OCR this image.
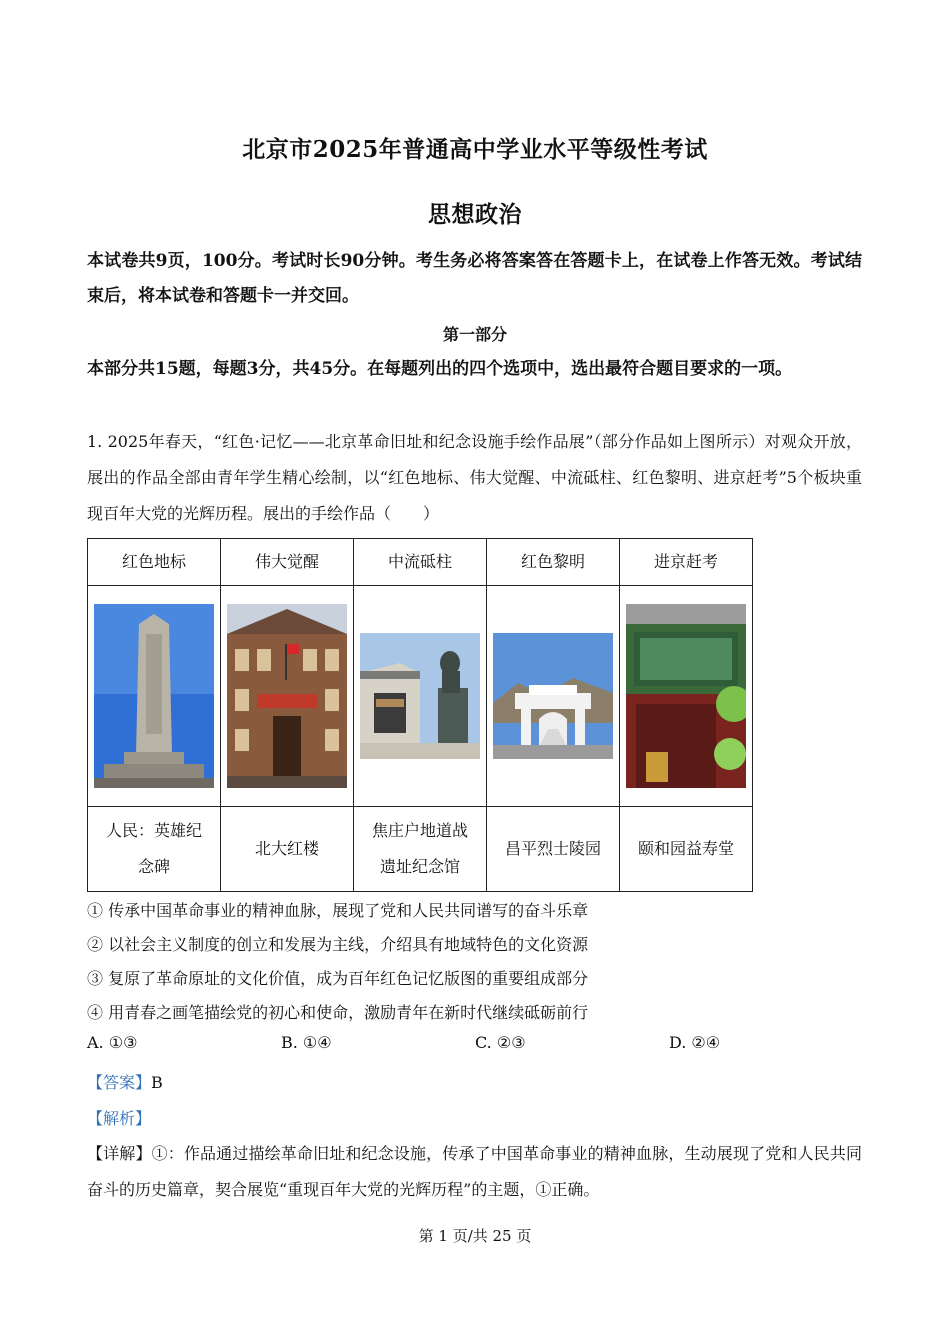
北京市2025年普通高中学业水平等级性考试
思想政治
本试卷共9页，100分。考试时长90分钟。考生务必将答案答在答题卡上，在试卷上作答无效。考试结束后，将本试卷和答题卡一并交回。
第一部分
本部分共15题，每题3分，共45分。在每题列出的四个选项中，选出最符合题目要求的一项。
1. 2025年春天，“红色·记忆——北京革命旧址和纪念设施手绘作品展”（部分作品如上图所示）对观众开放，展出的作品全部由青年学生精心绘制，以“红色地标、伟大觉醒、中流砥柱、红色黎明、进京赶考”5个板块重现百年大党的光辉历程。展出的手绘作品（　　）
红色地标	伟大觉醒	中流砥柱	红色黎明	进京赶考

人民：英雄纪念碑	北大红楼	焦庄户地道战遗址纪念馆	昌平烈士陵园	颐和园益寿堂
① 传承中国革命事业的精神血脉，展现了党和人民共同谱写的奋斗乐章
② 以社会主义制度的创立和发展为主线，介绍具有地域特色的文化资源
③ 复原了革命原址的文化价值，成为百年红色记忆版图的重要组成部分
④ 用青春之画笔描绘党的初心和使命，激励青年在新时代继续砥砺前行
A. ①③	B. ①④	C. ②③	D. ②④
【答案】B
【解析】
【详解】①：作品通过描绘革命旧址和纪念设施，传承了中国革命事业的精神血脉，生动展现了党和人民共同奋斗的历史篇章，契合展览“重现百年大党的光辉历程”的主题，①正确。
第 1 页/共 25 页
